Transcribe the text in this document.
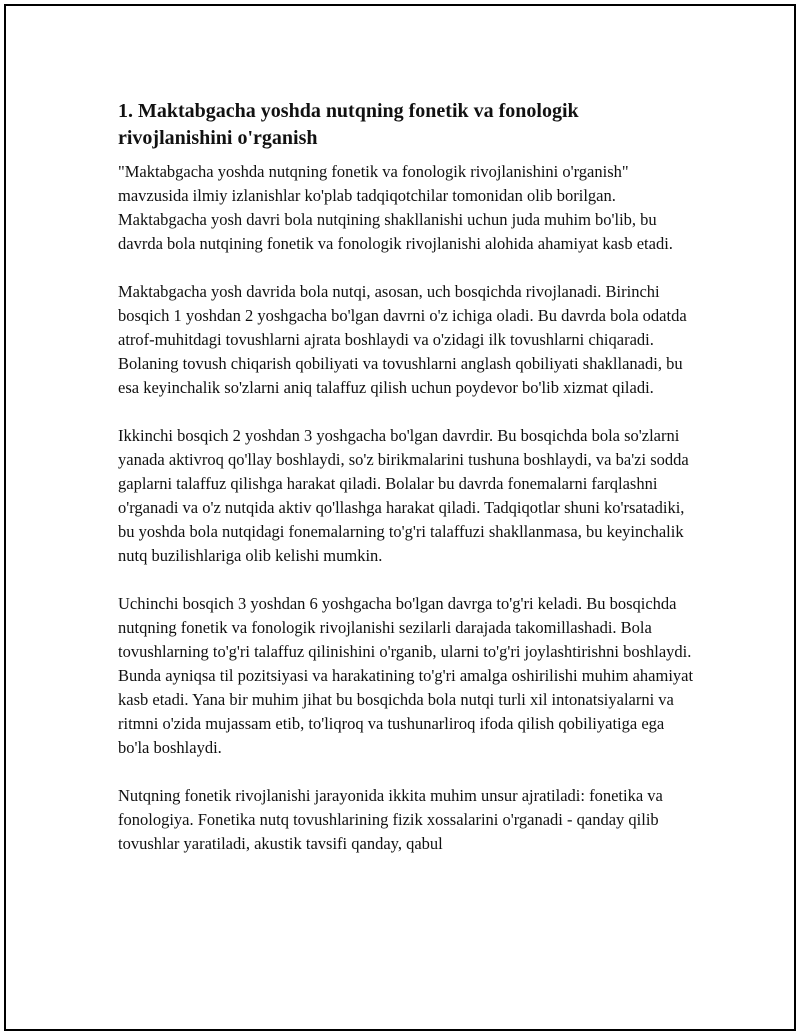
1. Maktabgacha yoshda nutqning fonetik va fonologik rivojlanishini o'rganish

"Maktabgacha yoshda nutqning fonetik va fonologik rivojlanishini o'rganish" mavzusida ilmiy izlanishlar ko'plab tadqiqotchilar tomonidan olib borilgan. Maktabgacha yosh davri bola nutqining shakllanishi uchun juda muhim bo'lib, bu davrda bola nutqining fonetik va fonologik rivojlanishi alohida ahamiyat kasb etadi.

Maktabgacha yosh davrida bola nutqi, asosan, uch bosqichda rivojlanadi. Birinchi bosqich 1 yoshdan 2 yoshgacha bo'lgan davrni o'z ichiga oladi. Bu davrda bola odatda atrof-muhitdagi tovushlarni ajrata boshlaydi va o'zidagi ilk tovushlarni chiqaradi. Bolaning tovush chiqarish qobiliyati va tovushlarni anglash qobiliyati shakllanadi, bu esa keyinchalik so'zlarni aniq talaffuz qilish uchun poydevor bo'lib xizmat qiladi.

Ikkinchi bosqich 2 yoshdan 3 yoshgacha bo'lgan davrdir. Bu bosqichda bola so'zlarni yanada aktivroq qo'llay boshlaydi, so'z birikmalarini tushuna boshlaydi, va ba'zi sodda gaplarni talaffuz qilishga harakat qiladi. Bolalar bu davrda fonemalarni farqlashni o'rganadi va o'z nutqida aktiv qo'llashga harakat qiladi. Tadqiqotlar shuni ko'rsatadiki, bu yoshda bola nutqidagi fonemalarning to'g'ri talaffuzi shakllanmasa, bu keyinchalik nutq buzilishlariga olib kelishi mumkin.

Uchinchi bosqich 3 yoshdan 6 yoshgacha bo'lgan davrga to'g'ri keladi. Bu bosqichda nutqning fonetik va fonologik rivojlanishi sezilarli darajada takomillashadi. Bola tovushlarning to'g'ri talaffuz qilinishini o'rganib, ularni to'g'ri joylashtirishni boshlaydi. Bunda ayniqsa til pozitsiyasi va harakatining to'g'ri amalga oshirilishi muhim ahamiyat kasb etadi. Yana bir muhim jihat bu bosqichda bola nutqi turli xil intonatsiyalarni va ritmni o'zida mujassam etib, to'liqroq va tushunarliroq ifoda qilish qobiliyatiga ega bo'la boshlaydi.

Nutqning fonetik rivojlanishi jarayonida ikkita muhim unsur ajratiladi: fonetika va fonologiya. Fonetika nutq tovushlarining fizik xossalarini o'rganadi - qanday qilib tovushlar yaratiladi, akustik tavsifi qanday, qabul
